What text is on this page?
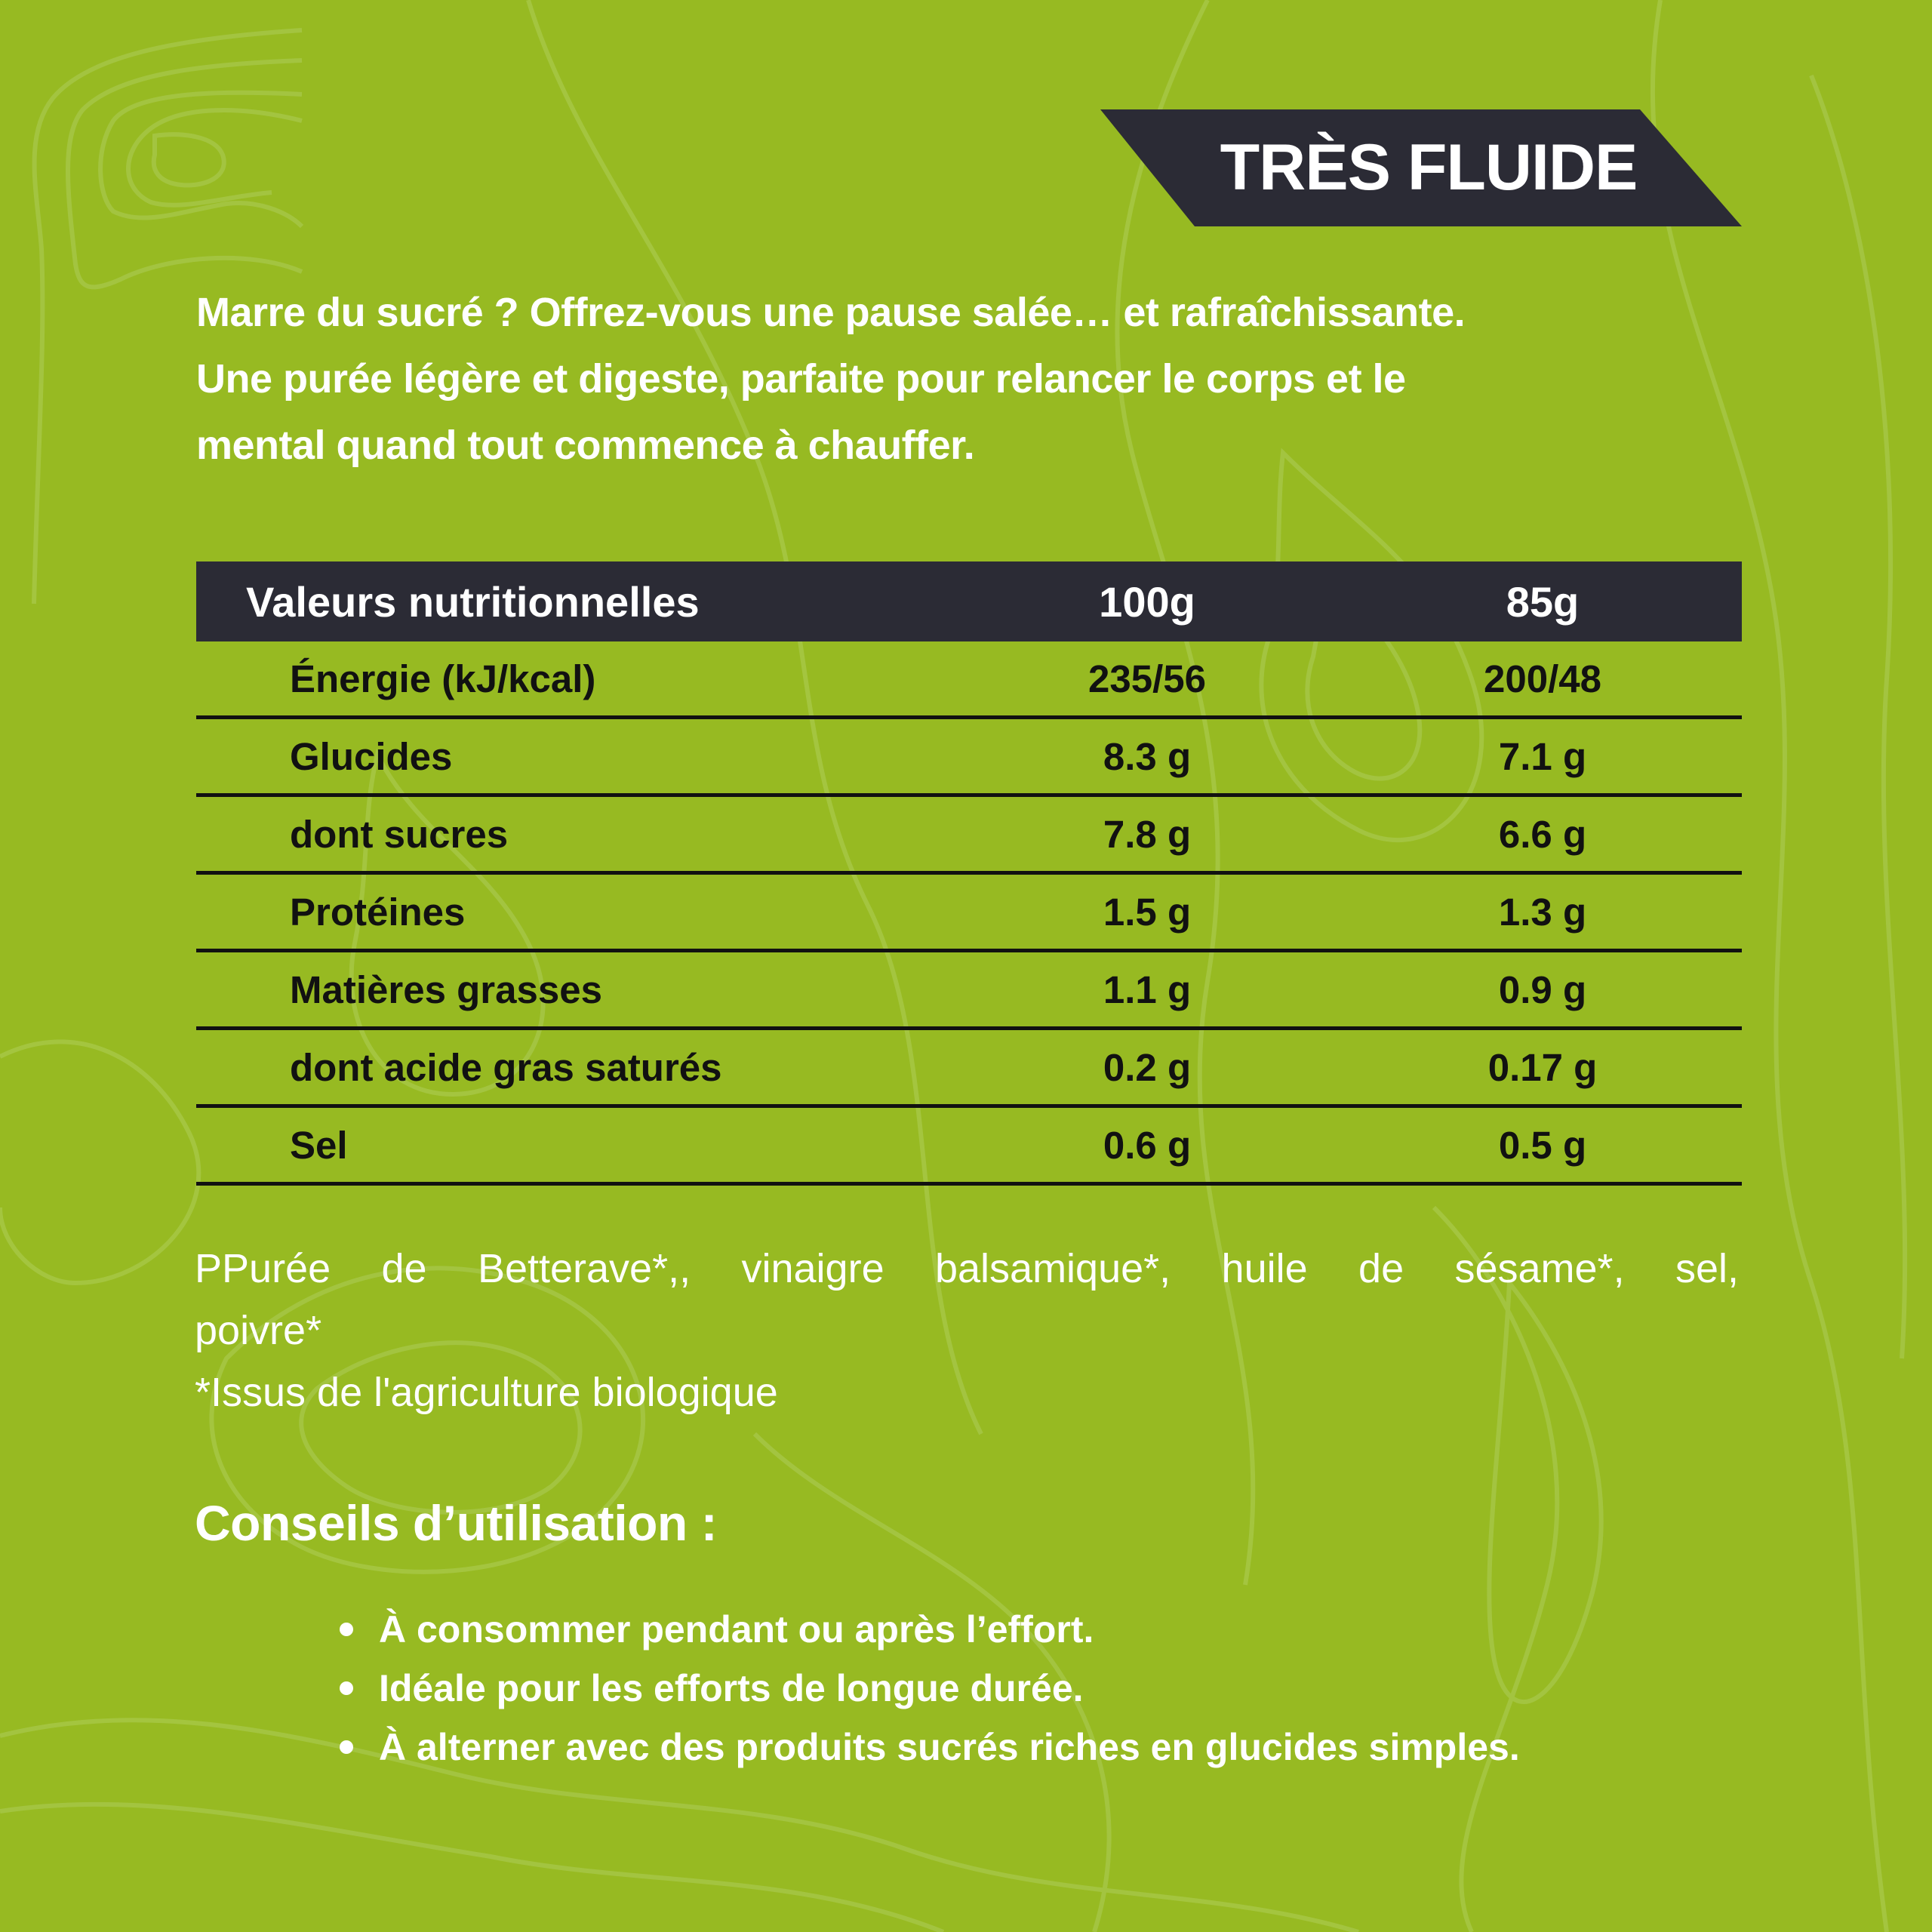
TRÈS FLUIDE

Marre du sucré ? Offrez-vous une pause salée… et rafraîchissante.

Une purée légère et digeste, parfaite pour relancer le corps et le

mental quand tout commence à chauffer.

Valeurs nutritionnelles	100g	85g
Énergie (kJ/kcal)	235/56	200/48
Glucides	8.3 g	7.1 g
dont sucres	7.8 g	6.6 g
Protéines	1.5 g	1.3 g
Matières grasses	1.1 g	0.9 g
dont acide gras saturés	0.2 g	0.17 g
Sel	0.6 g	0.5 g

PPurée de Betterave*,, vinaigre balsamique*, huile de sésame*, sel,

poivre*

*Issus de l'agriculture biologique

Conseils d’utilisation :
À consommer pendant ou après l’effort.
Idéale pour les efforts de longue durée.
À alterner avec des produits sucrés riches en glucides simples.
